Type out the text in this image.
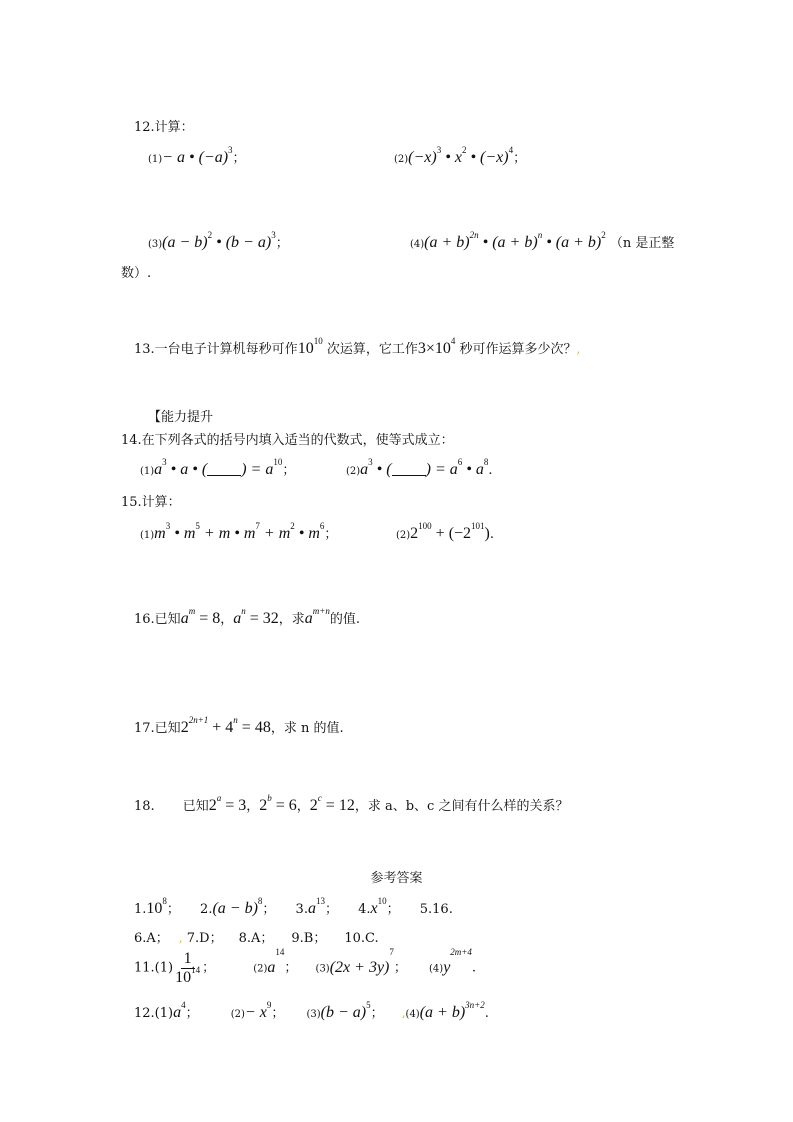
12.计算：
(1)− a • $(-a)^3$；	$(2)(-x)^3$ • $x^2$ • $(-x)^4$；
$(3)(a - b)^2$ • $(b - a)^3$；	$(4)(a + b)^{2n}$ • $(a + b)^n$ • $(a + b)^2$ （n 是正整
数）.
13.一台电子计算机每秒可作$10^{10}$ 次运算，它工作$3\times 10^4$ 秒可作运算多少次？,
【能力提升
14.在下列各式的括号内填入适当的代数式，使等式成立：
$(1)a^3$ • a • ( ) = $a^{10}$；	$(2)a^3$ • ( ) = $a^6$ • $a^8$.
15.计算：
$(1)m^3$ • $m^5 + m$ • $m^7 + m^2$ • $m^6$；	$(2)2^{100} + (-2^{101})$.
16.已知$a^m = 8$，$a^n = 32$，求$a^{m+n}$的值.
17.已知$2^{2n+1} + 4^n = 48$，求 n 的值.
18. 已知$2^a = 3$，$2^b = 6$，$2^c = 12$，求 a、b、c 之间有什么样的关系？
参考答案
1.10$^8$； $2.(a - b)^8$； $3.a^{13}$； $4.x^{10}$； 5.16.
6.A； , 7.D； 8.A； 9.B； 10.C.
$11.(1) \frac{1}{10^{14}}$ ；	$(2)a^{14}$； $(3)(2x + 3y)^7$； $(4)y^{2m+4}$.
$12.(1)a^4$；	$(2)- x^9$； $(3)(b - a)^5$； $,(4)(a + b)^{3n+2}$.
